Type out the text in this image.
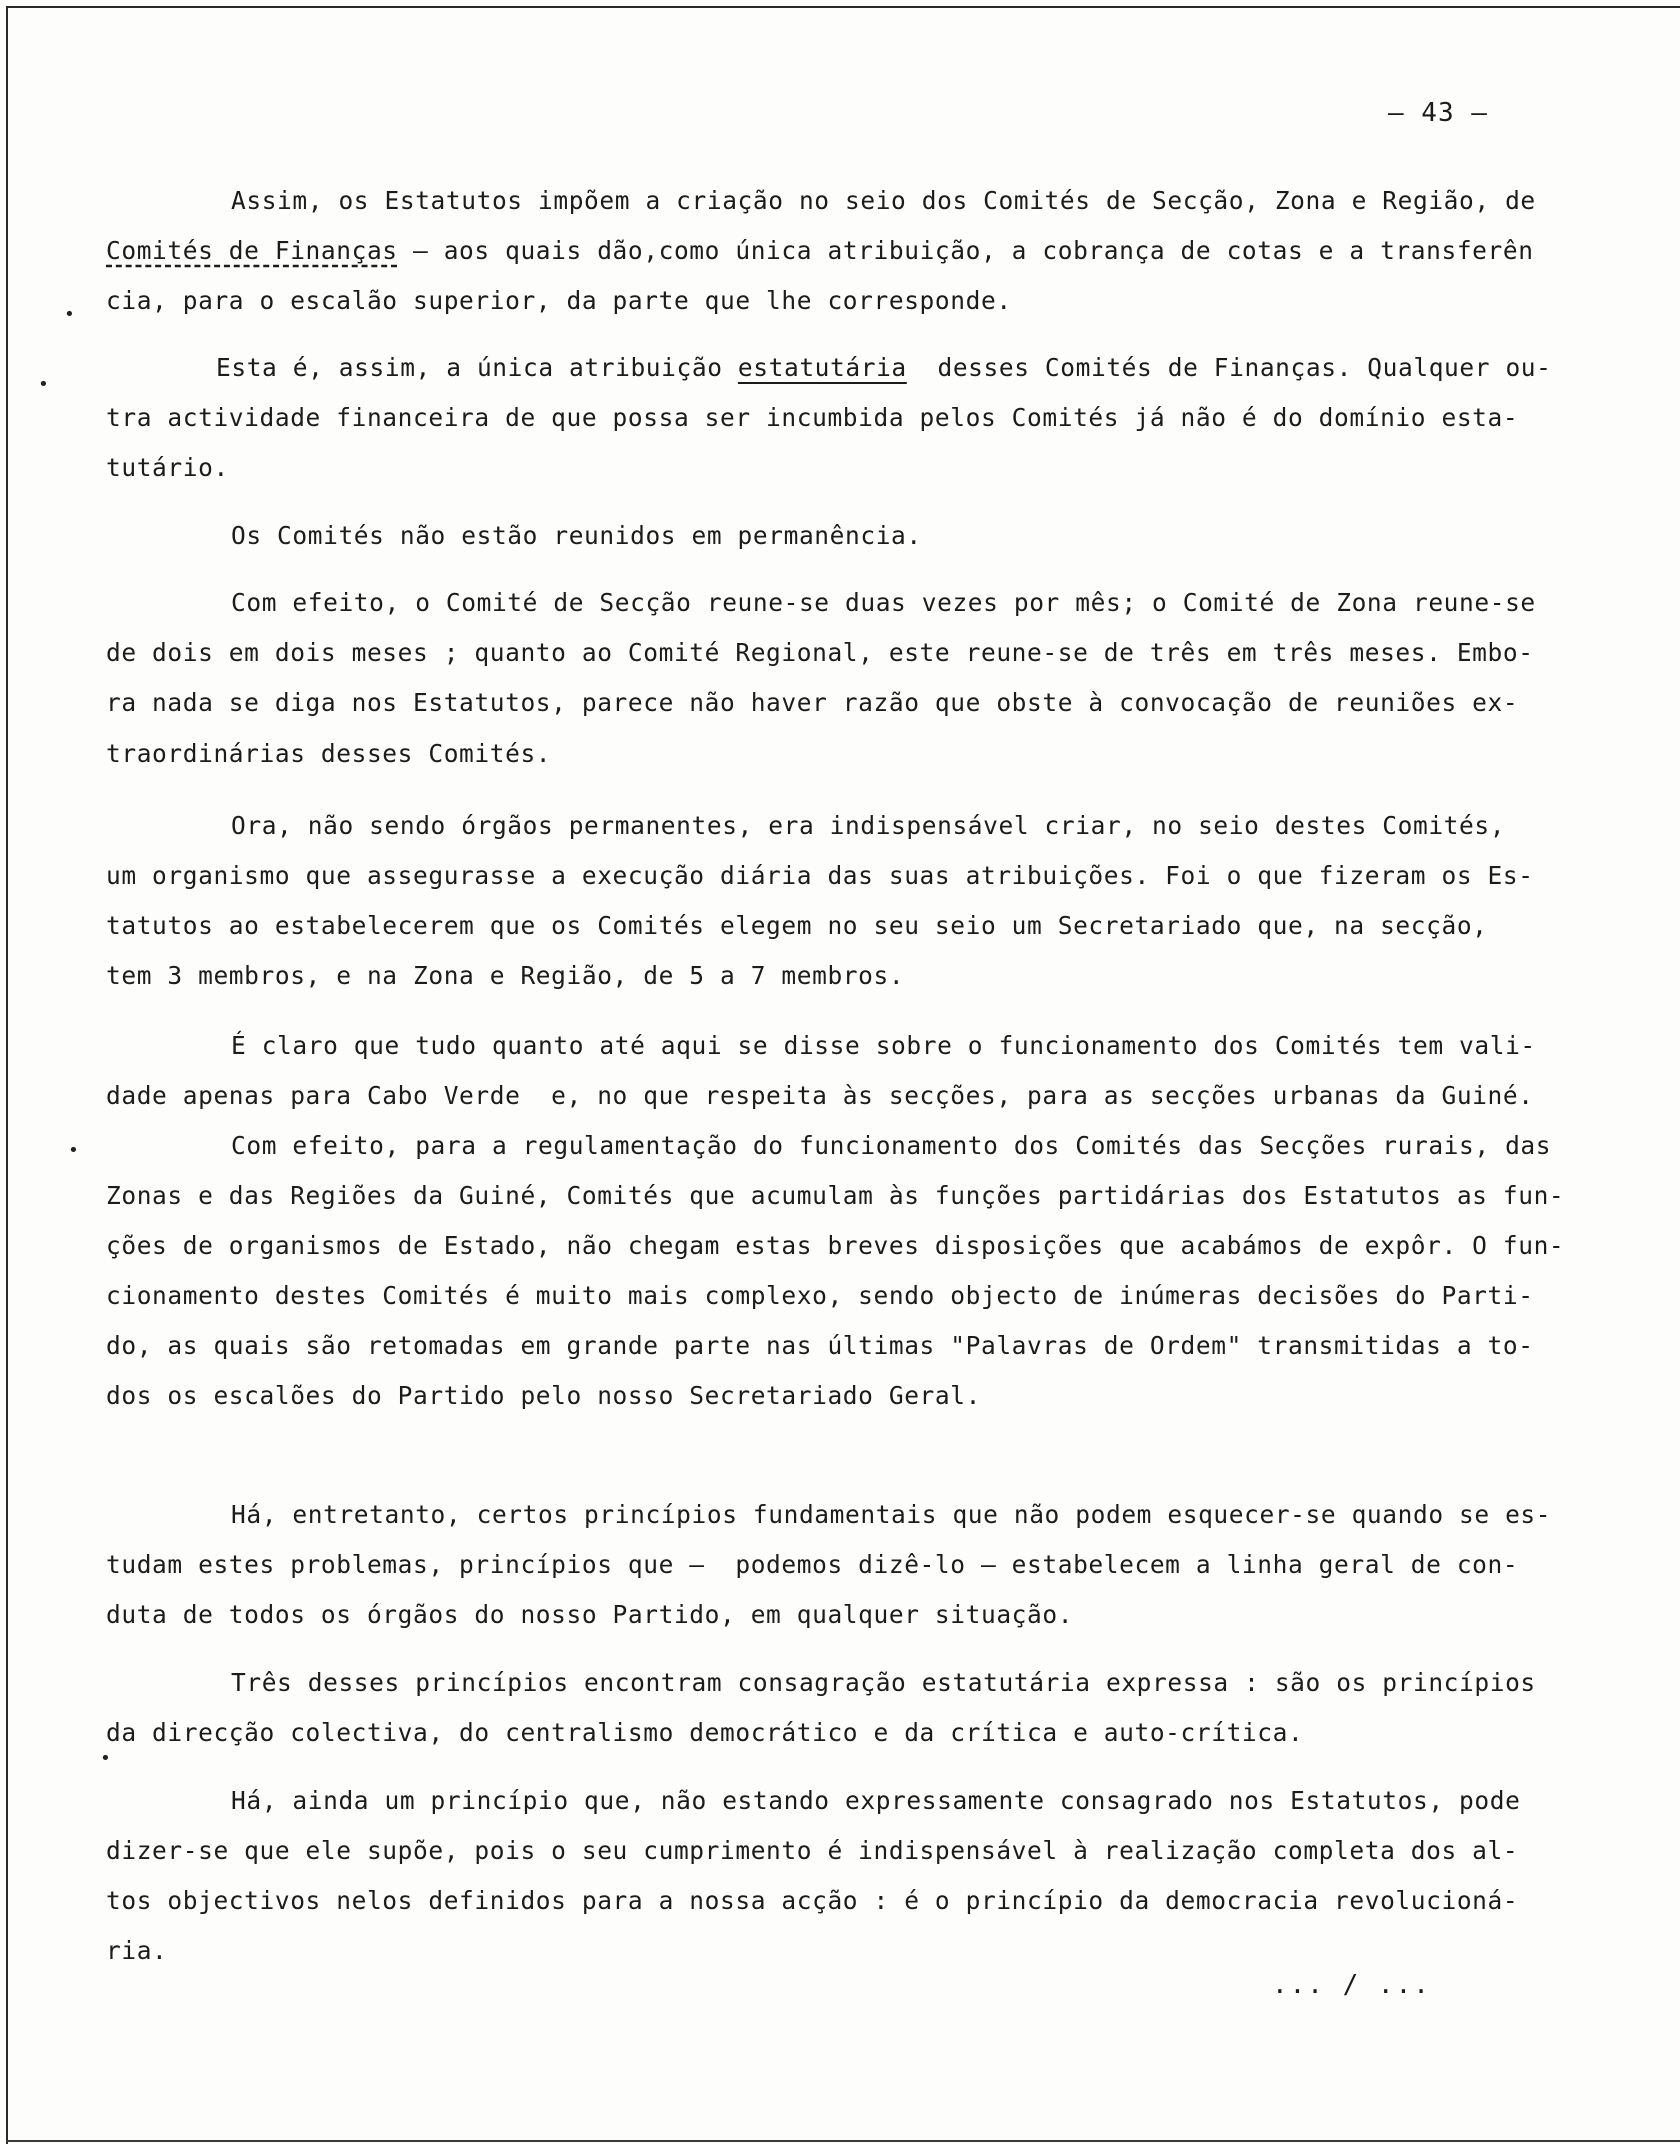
– 43 –
Assim, os Estatutos impõem a criação no seio dos Comités de Secção, Zona e Região, de
Comités de Finanças – aos quais dão,como única atribuição, a cobrança de cotas e a transferên
cia, para o escalão superior, da parte que lhe corresponde.
Esta é, assim, a única atribuição estatutária  desses Comités de Finanças. Qualquer ou-
tra actividade financeira de que possa ser incumbida pelos Comités já não é do domínio esta-
tutário.
Os Comités não estão reunidos em permanência.
Com efeito, o Comité de Secção reune-se duas vezes por mês; o Comité de Zona reune-se
de dois em dois meses ; quanto ao Comité Regional, este reune-se de três em três meses. Embo-
ra nada se diga nos Estatutos, parece não haver razão que obste à convocação de reuniões ex-
traordinárias desses Comités.
Ora, não sendo órgãos permanentes, era indispensável criar, no seio destes Comités,
um organismo que assegurasse a execução diária das suas atribuições. Foi o que fizeram os Es-
tatutos ao estabelecerem que os Comités elegem no seu seio um Secretariado que, na secção,
tem 3 membros, e na Zona e Região, de 5 a 7 membros.
É claro que tudo quanto até aqui se disse sobre o funcionamento dos Comités tem vali-
dade apenas para Cabo Verde  e, no que respeita às secções, para as secções urbanas da Guiné.
Com efeito, para a regulamentação do funcionamento dos Comités das Secções rurais, das
Zonas e das Regiões da Guiné, Comités que acumulam às funções partidárias dos Estatutos as fun-
ções de organismos de Estado, não chegam estas breves disposições que acabámos de expôr. O fun-
cionamento destes Comités é muito mais complexo, sendo objecto de inúmeras decisões do Parti-
do, as quais são retomadas em grande parte nas últimas "Palavras de Ordem" transmitidas a to-
dos os escalões do Partido pelo nosso Secretariado Geral.
Há, entretanto, certos princípios fundamentais que não podem esquecer-se quando se es-
tudam estes problemas, princípios que –  podemos dizê-lo – estabelecem a linha geral de con-
duta de todos os órgãos do nosso Partido, em qualquer situação.
Três desses princípios encontram consagração estatutária expressa : são os princípios
da direcção colectiva, do centralismo democrático e da crítica e auto-crítica.
Há, ainda um princípio que, não estando expressamente consagrado nos Estatutos, pode
dizer-se que ele supõe, pois o seu cumprimento é indispensável à realização completa dos al-
tos objectivos nelos definidos para a nossa acção : é o princípio da democracia revolucioná-
ria.
•
•
•
•
... / ...
